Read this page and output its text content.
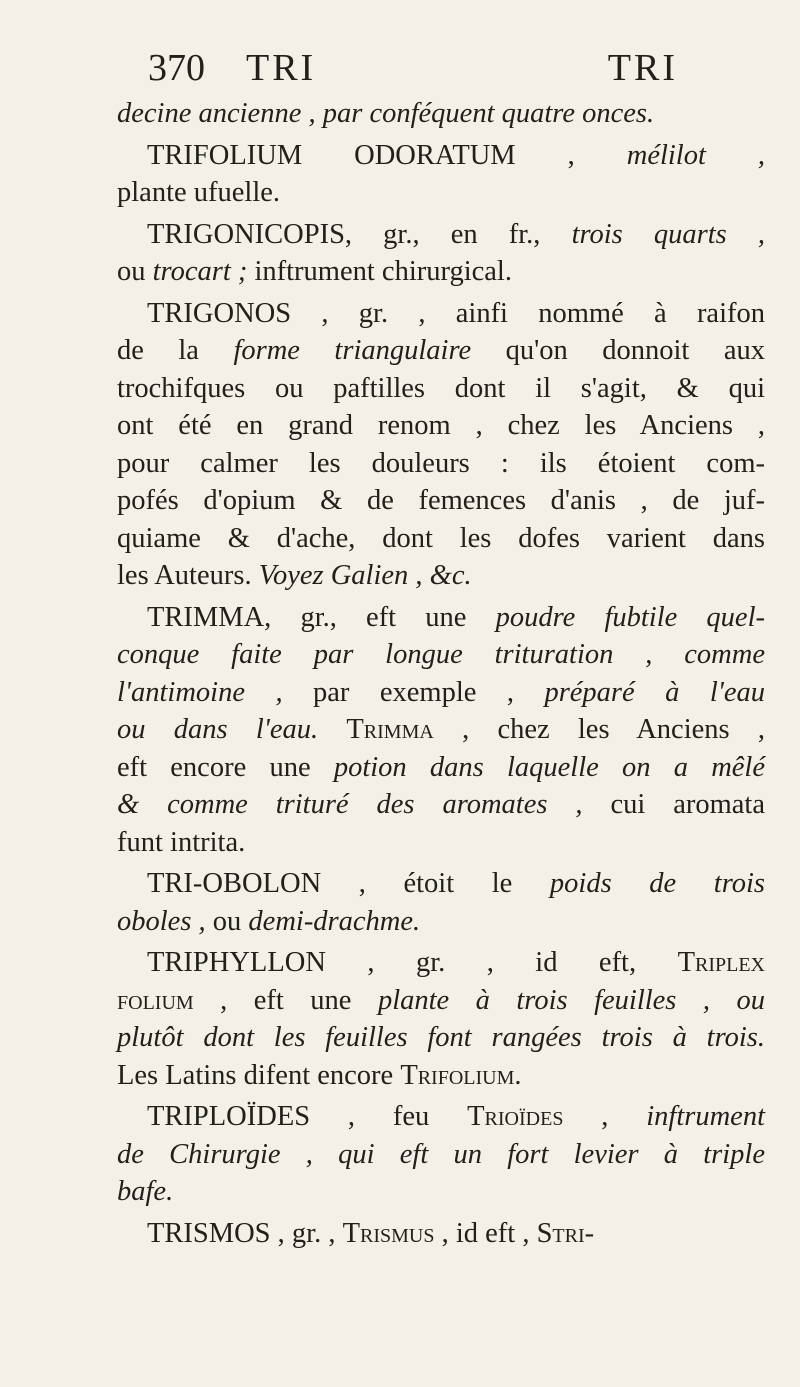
370 TRI	TRI
decine ancienne , par conféquent quatre onces.
TRIFOLIUM ODORATUM , mélilot ,
plante ufuelle.
TRIGONICOPIS, gr., en fr., trois quarts ,
ou trocart ; inftrument chirurgical.
TRIGONOS , gr. , ainfi nommé à raifon
de la forme triangulaire qu'on donnoit aux
trochifques ou paftilles dont il s'agit, & qui
ont été en grand renom , chez les Anciens ,
pour calmer les douleurs : ils étoient com-
pofés d'opium & de femences d'anis , de juf-
quiame & d'ache, dont les dofes varient dans
les Auteurs. Voyez Galien , &c.
TRIMMA, gr., eft une poudre fubtile quel-
conque faite par longue trituration , comme
l'antimoine , par exemple , préparé à l'eau
ou dans l'eau. Trimma , chez les Anciens ,
eft encore une potion dans laquelle on a mêlé
& comme trituré des aromates , cui aromata
funt intrita.
TRI-OBOLON , étoit le poids de trois
oboles , ou demi-drachme.
TRIPHYLLON , gr. , id eft, Triplex
folium , eft une plante à trois feuilles , ou
plutôt dont les feuilles font rangées trois à trois.
Les Latins difent encore Trifolium.
TRIPLOÏDES , feu Trioïdes , inftrument
de Chirurgie , qui eft un fort levier à triple
bafe.
TRISMOS , gr. , Trismus , id eft , Stri-
